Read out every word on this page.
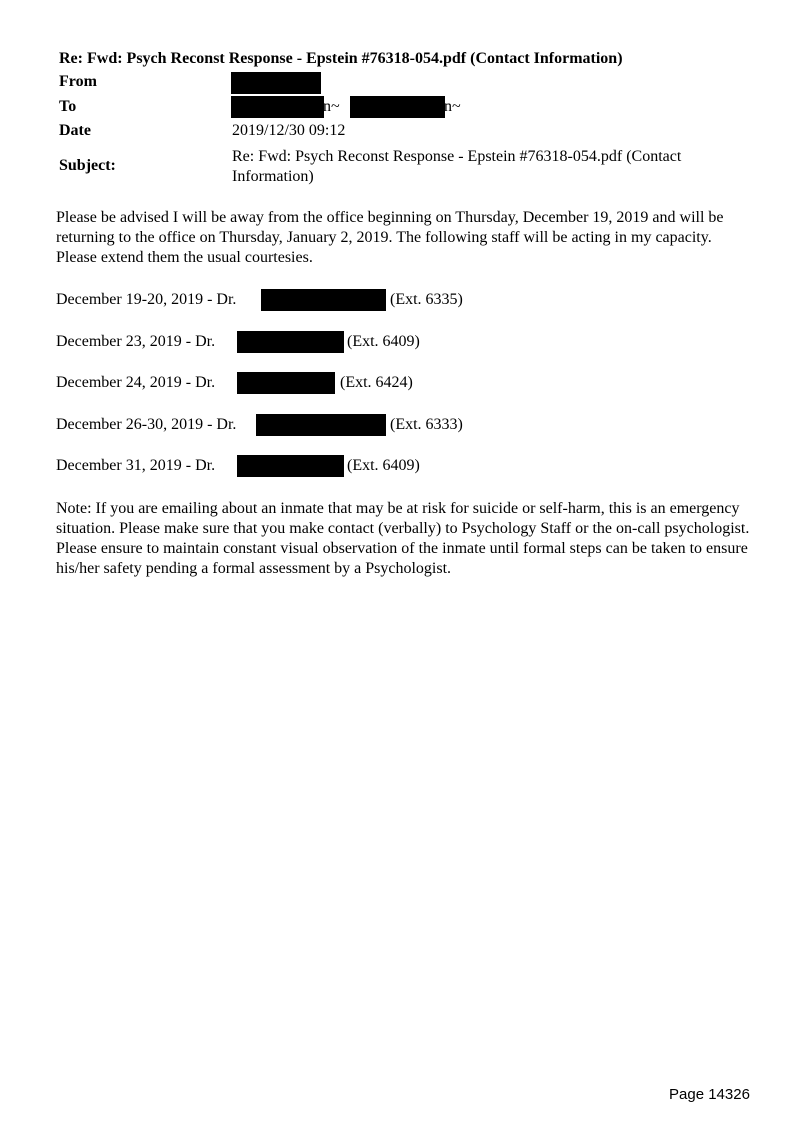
Re: Fwd: Psych Reconst Response - Epstein #76318-054.pdf (Contact Information)
From
To	n~	n~
Date	2019/12/30 09:12
Subject:
Re: Fwd: Psych Reconst Response - Epstein #76318-054.pdf (Contact Information)
Please be advised I will be away from the office beginning on Thursday, December 19, 2019 and will be returning to the office on Thursday, January 2, 2019. The following staff will be acting in my capacity. Please extend them the usual courtesies.
December 19-20, 2019 - Dr.	(Ext. 6335)
December 23, 2019 - Dr.	(Ext. 6409)
December 24, 2019 - Dr.	(Ext. 6424)
December 26-30, 2019 - Dr.	(Ext. 6333)
December 31, 2019 - Dr.	(Ext. 6409)
Note: If you are emailing about an inmate that may be at risk for suicide or self-harm, this is an emergency situation. Please make sure that you make contact (verbally) to Psychology Staff or the on-call psychologist. Please ensure to maintain constant visual observation of the inmate until formal steps can be taken to ensure his/her safety pending a formal assessment by a Psychologist.
Page 14326
